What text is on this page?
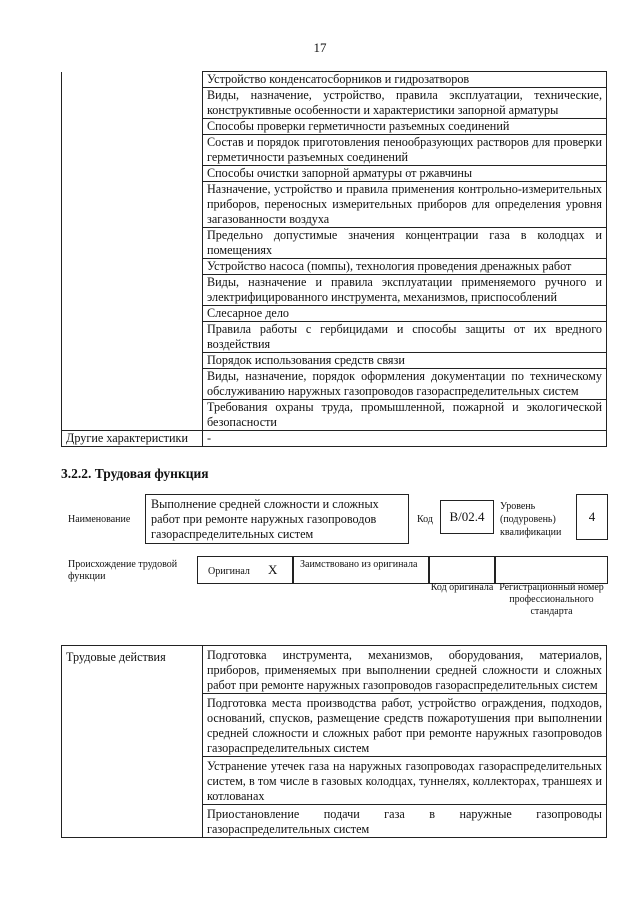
17
	Устройство конденсатосборников и гидрозатворов
	Виды, назначение, устройство, правила эксплуатации, технические, конструктивные особенности и характеристики запорной арматуры
	Способы проверки герметичности разъемных соединений
	Состав и порядок приготовления пенообразующих растворов для проверки герметичности разъемных соединений
	Способы очистки запорной арматуры от ржавчины
	Назначение, устройство и правила применения контрольно-измерительных приборов, переносных измерительных приборов для определения уровня загазованности воздуха
	Предельно допустимые значения концентрации газа в колодцах и помещениях
	Устройство насоса (помпы), технология проведения дренажных работ
	Виды, назначение и правила эксплуатации применяемого ручного и электрифицированного инструмента, механизмов, приспособлений
	Слесарное дело
	Правила работы с гербицидами и способы защиты от их вредного воздействия
	Порядок использования средств связи
	Виды, назначение, порядок оформления документации по техническому обслуживанию наружных газопроводов газораспределительных систем
	Требования охраны труда, промышленной, пожарной и экологической безопасности
Другие характеристики	-
3.2.2. Трудовая функция
Наименование
Выполнение средней сложности и сложных работ при ремонте наружных газопроводов газораспределительных систем
Код	B/02.4
Уровень (подуровень) квалификации
4
Происхождение трудовой функции	Оригинал X Заимствовано из оригинала
Код оригинала Регистрационный номер профессионального стандарта
Трудовые действия	Подготовка инструмента, механизмов, оборудования, материалов, приборов, применяемых при выполнении средней сложности и сложных работ при ремонте наружных газопроводов газораспределительных систем
Подготовка места производства работ, устройство ограждения, подходов, оснований, спусков, размещение средств пожаротушения при выполнении средней сложности и сложных работ при ремонте наружных газопроводов газораспределительных систем
Устранение утечек газа на наружных газопроводах газораспределительных систем, в том числе в газовых колодцах, туннелях, коллекторах, траншеях и котлованах
Приостановление подачи газа в наружные газопроводы газораспределительных систем
